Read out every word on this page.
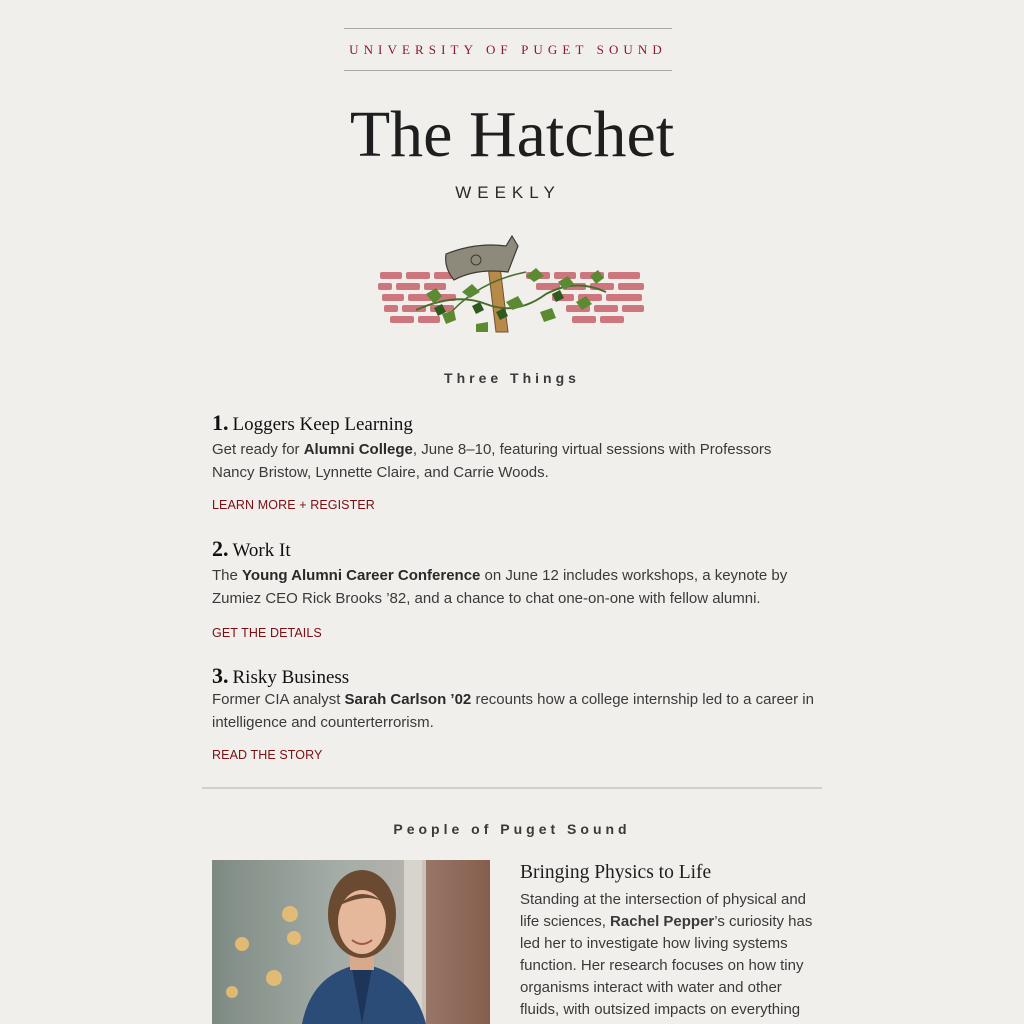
UNIVERSITY OF PUGET SOUND
The Hatchet
WEEKLY
Three Things
1. Loggers Keep Learning
Get ready for Alumni College, June 8–10, featuring virtual sessions with Professors Nancy Bristow, Lynnette Claire, and Carrie Woods.
LEARN MORE + REGISTER
2. Work It
The Young Alumni Career Conference on June 12 includes workshops, a keynote by Zumiez CEO Rick Brooks ’82, and a chance to chat one-on-one with fellow alumni.
GET THE DETAILS
3. Risky Business
Former CIA analyst Sarah Carlson ’02 recounts how a college internship led to a career in intelligence and counterterrorism.
READ THE STORY
People of Puget Sound
Bringing Physics to Life
Standing at the intersection of physical and life sciences, Rachel Pepper’s curiosity has led her to investigate how living systems function. Her research focuses on how tiny organisms interact with water and other fluids, with outsized impacts on everything
